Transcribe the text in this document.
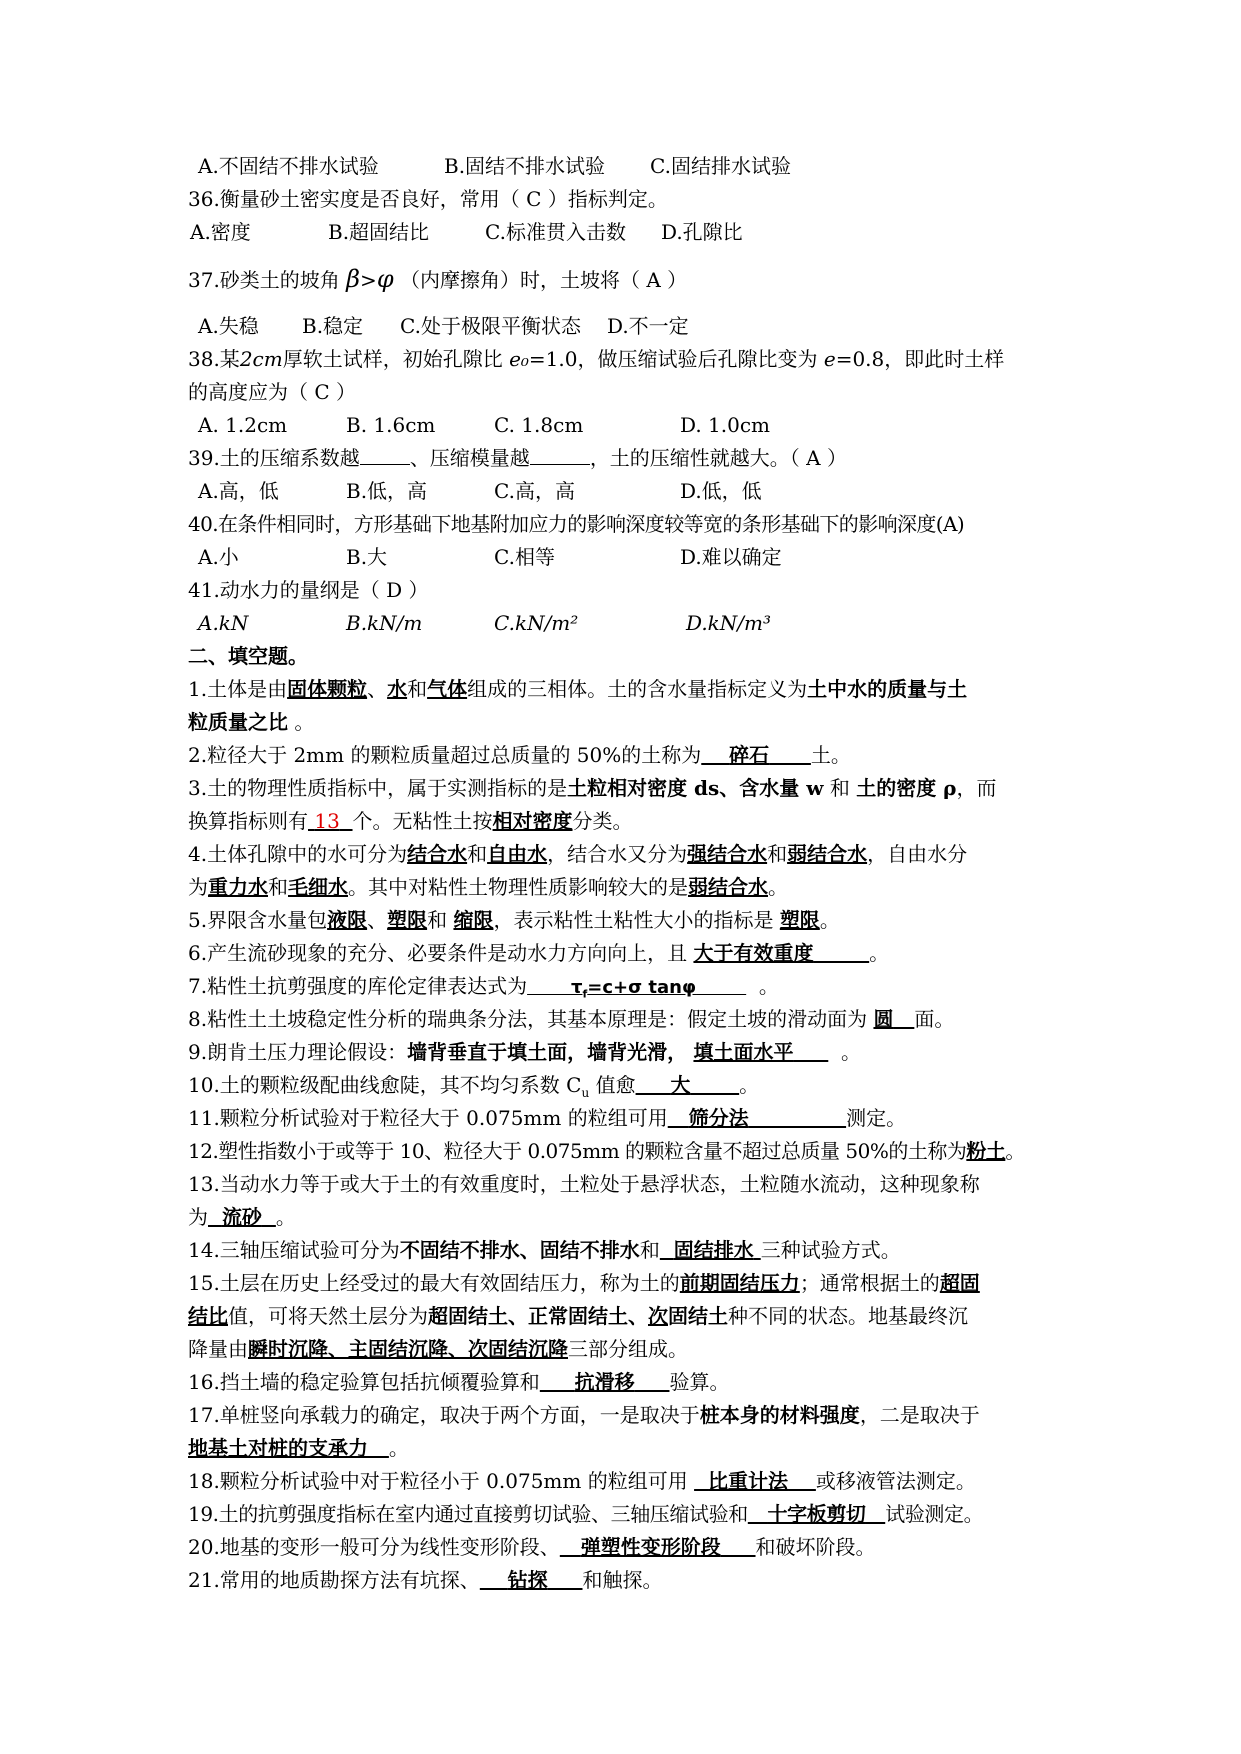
A.不固结不排水试验	B.固结不排水试验 C.固结排水试验
36.衡量砂土密实度是否良好，常用（ C ）指标判定。
A.密度	B.超固结比	C.标准贯入击数 D.孔隙比
37.砂类土的坡角 β>φ （内摩擦角）时，土坡将（ A ）
A.失稳 B.稳定 C.处于极限平衡状态 D.不一定
38.某2cm厚软土试样，初始孔隙比 e₀=1.0，做压缩试验后孔隙比变为 e=0.8，即此时土样
的高度应为（ C ）
A. 1.2cm	B. 1.6cm	C. 1.8cm	D. 1.0cm
39.土的压缩系数越	、压缩模量越	，土的压缩性就越大。（ A ）
A.高，低	B.低，高	C.高，高	D.低，低
40.在条件相同时，方形基础下地基附加应力的影响深度较等宽的条形基础下的影响深度(A)
A.小	B.大	C.相等	D.难以确定
41.动水力的量纲是（ D ）
A.kN	B.kN/m	C.kN/m²	D.kN/m³
二、填空题。
1.土体是由固体颗粒、水和气体组成的三相体。土的含水量指标定义为土中水的质量与土
粒质量之比 。
2.粒径大于 2mm 的颗粒质量超过总质量的 50%的土称为 碎石 土。
3.土的物理性质指标中，属于实测指标的是土粒相对密度 ds、含水量 w 和 土的密度 ρ，而
换算指标则有 13 个。无粘性土按相对密度分类。
4.土体孔隙中的水可分为结合水和自由水，结合水又分为强结合水和弱结合水，自由水分
为重力水和毛细水。其中对粘性土物理性质影响较大的是弱结合水。
5.界限含水量包液限、塑限和 缩限，表示粘性土粘性大小的指标是 塑限。
6.产生流砂现象的充分、必要条件是动水力方向向上，且 大于有效重度	。
7.粘性土抗剪强度的库伦定律表达式为 $\tau_f=c+\sigma$ tanφ	。
8.粘性土土坡稳定性分析的瑞典条分法，其基本原理是：假定土坡的滑动面为 圆 面。
9.朗肯土压力理论假设：墙背垂直于填土面，墙背光滑， 填土面水平 。
10.土的颗粒级配曲线愈陡，其不均匀系数 $C_u$ 值愈 大 。
11.颗粒分析试验对于粒径大于 0.075mm 的粒组可用 筛分法	测定。
12.塑性指数小于或等于 10、粒径大于 0.075mm 的颗粒含量不超过总质量 50%的土称为粉土。
13.当动水力等于或大于土的有效重度时，土粒处于悬浮状态，土粒随水流动，这种现象称
为 流砂 。
14.三轴压缩试验可分为不固结不排水、固结不排水和 固结排水 三种试验方式。
15.土层在历史上经受过的最大有效固结压力，称为土的前期固结压力；通常根据土的超固
结比值，可将天然土层分为超固结土、正常固结土、次固结土种不同的状态。地基最终沉
降量由瞬时沉降、主固结沉降、次固结沉降三部分组成。
16.挡土墙的稳定验算包括抗倾覆验算和 抗滑移 验算。
17.单桩竖向承载力的确定，取决于两个方面，一是取决于桩本身的材料强度，二是取决于
地基土对桩的支承力 。
18.颗粒分析试验中对于粒径小于 0.075mm 的粒组可用   比重计法 或移液管法测定。
19.土的抗剪强度指标在室内通过直接剪切试验、三轴压缩试验和 十字板剪切 试验测定。
20.地基的变形一般可分为线性变形阶段、 弹塑性变形阶段 和破坏阶段。
21.常用的地质勘探方法有坑探、 钻探 和触探。
